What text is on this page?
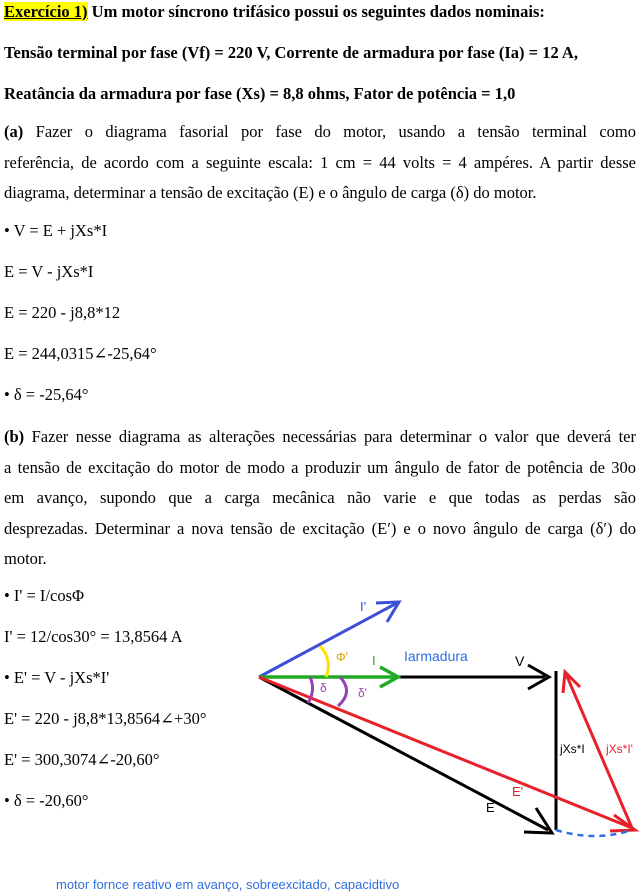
Exercício 1) Um motor síncrono trifásico possui os seguintes dados nominais:
Tensão terminal por fase (Vf) = 220 V, Corrente de armadura por fase (Ia) = 12 A,
Reatância da armadura por fase (Xs) = 8,8 ohms, Fator de potência = 1,0
(a) Fazer o diagrama fasorial por fase do motor, usando a tensão terminal como
referência, de acordo com a seguinte escala: 1 cm = 44 volts = 4 ampéres. A partir desse
diagrama, determinar a tensão de excitação (E) e o ângulo de carga (δ) do motor.
• V = E + jXs*I
E = V - jXs*I
E = 220 - j8,8*12
E = 244,0315∠-25,64°
• δ = -25,64°
(b) Fazer nesse diagrama as alterações necessárias para determinar o valor que deverá ter
a tensão de excitação do motor de modo a produzir um ângulo de fator de potência de 30o
em avanço, supondo que a carga mecânica não varie e que todas as perdas são
desprezadas. Determinar a nova tensão de excitação (E′) e o novo ângulo de carga (δ′) do
motor.
• I' = I/cosΦ
I' = 12/cos30° = 13,8564 A
• E' = V - jXs*I'
E' = 220 - j8,8*13,8564∠+30°
E' = 300,3074∠-20,60°
• δ = -20,60°
I'
Φ' I Iarmadura	V
δ	δ'
jXs*I jXs*I'
E'
E
motor fornce reativo em avanço, sobreexcitado, capacidtivo
